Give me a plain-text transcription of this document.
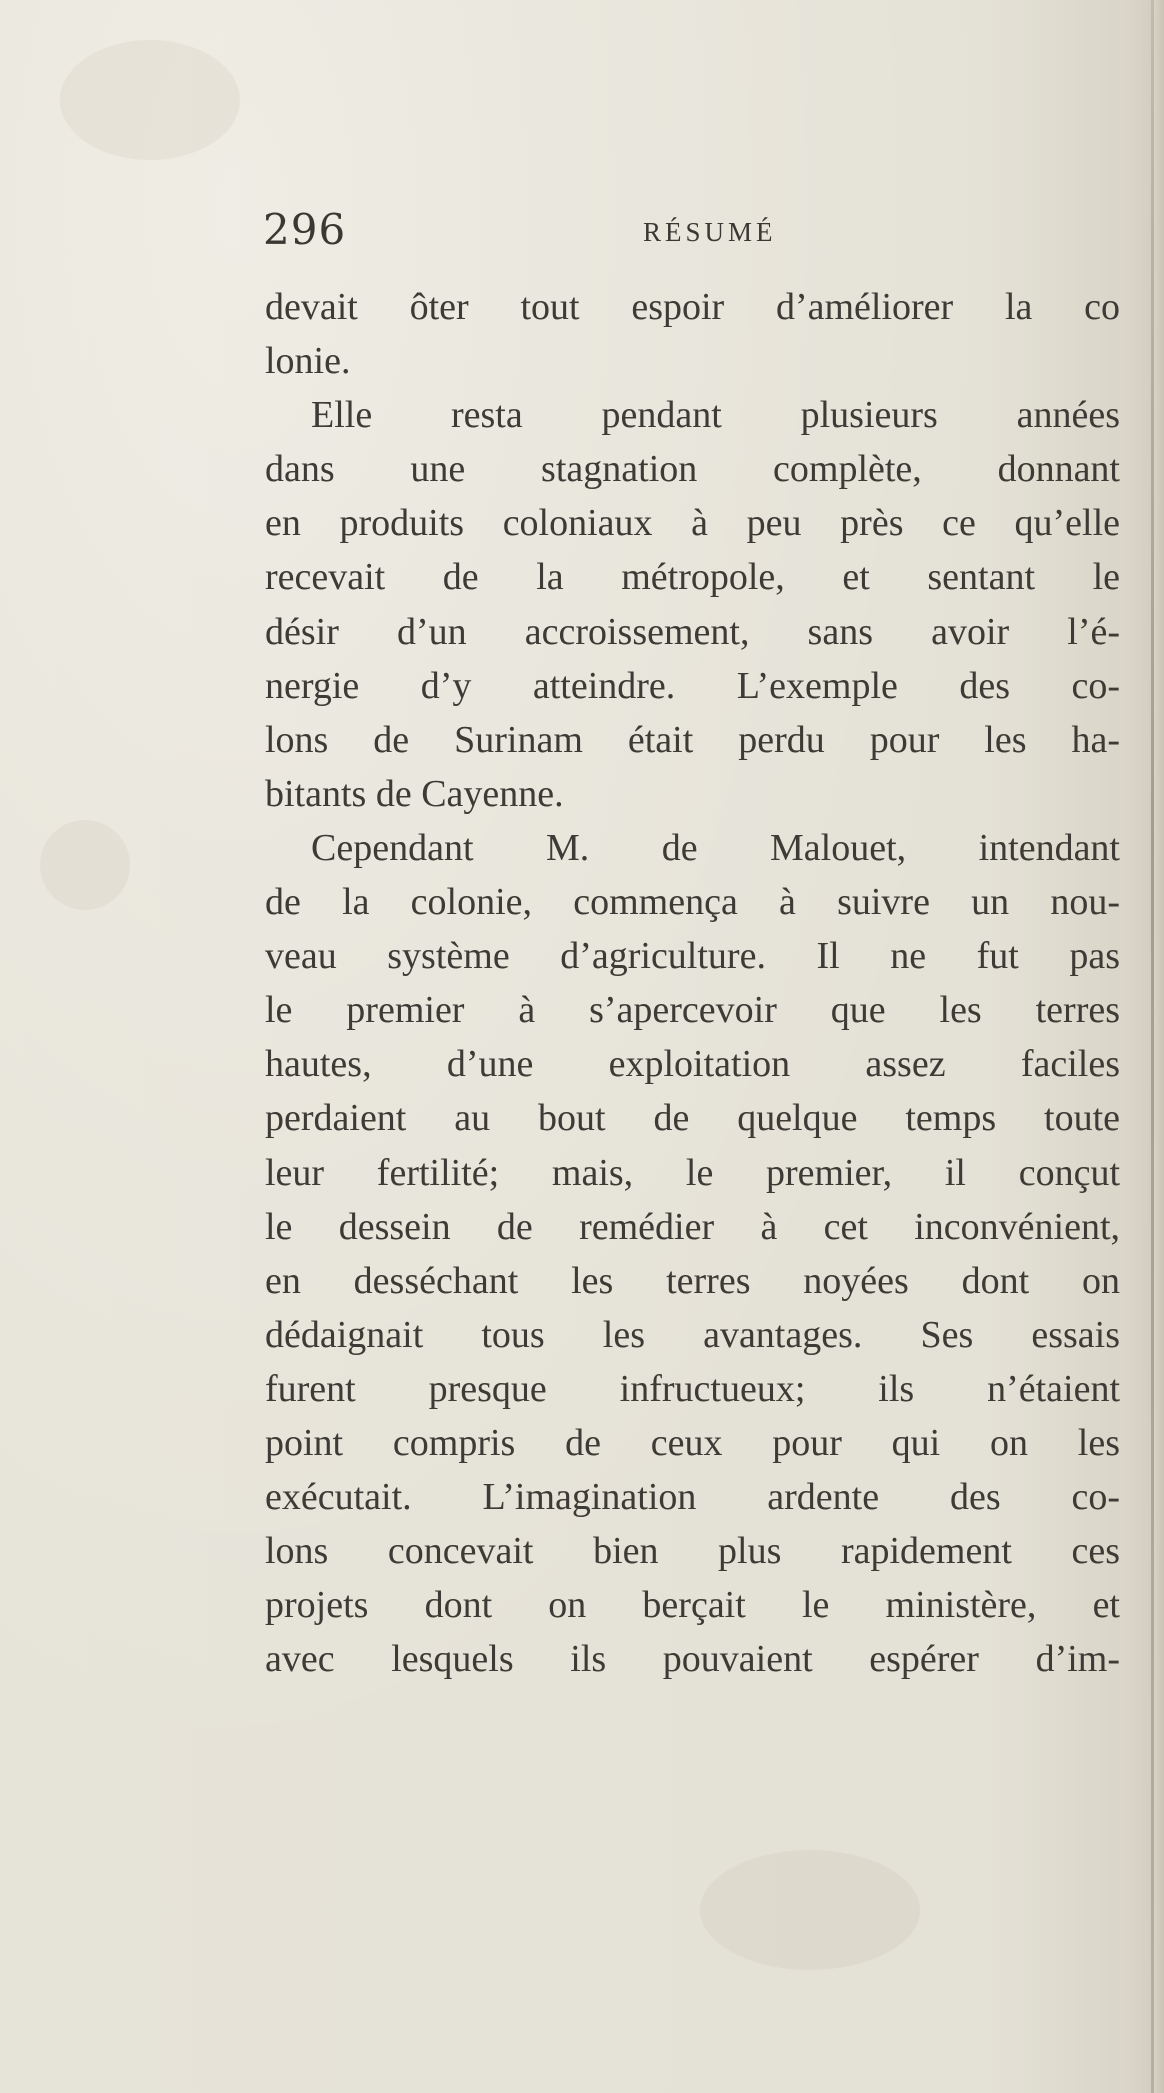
296	RÉSUMÉ
devait ôter tout espoir d’améliorer la co
lonie.
Elle resta pendant plusieurs années
dans une stagnation complète, donnant
en produits coloniaux à peu près ce qu’elle
recevait de la métropole, et sentant le
désir d’un accroissement, sans avoir l’é-
nergie d’y atteindre. L’exemple des co-
lons de Surinam était perdu pour les ha-
bitants de Cayenne.
Cependant M. de Malouet, intendant
de la colonie, commença à suivre un nou-
veau système d’agriculture. Il ne fut pas
le premier à s’apercevoir que les terres
hautes, d’une exploitation assez faciles
perdaient au bout de quelque temps toute
leur fertilité; mais, le premier, il conçut
le dessein de remédier à cet inconvénient,
en desséchant les terres noyées dont on
dédaignait tous les avantages. Ses essais
furent presque infructueux; ils n’étaient
point compris de ceux pour qui on les
exécutait. L’imagination ardente des co-
lons concevait bien plus rapidement ces
projets dont on berçait le ministère, et
avec lesquels ils pouvaient espérer d’im-
